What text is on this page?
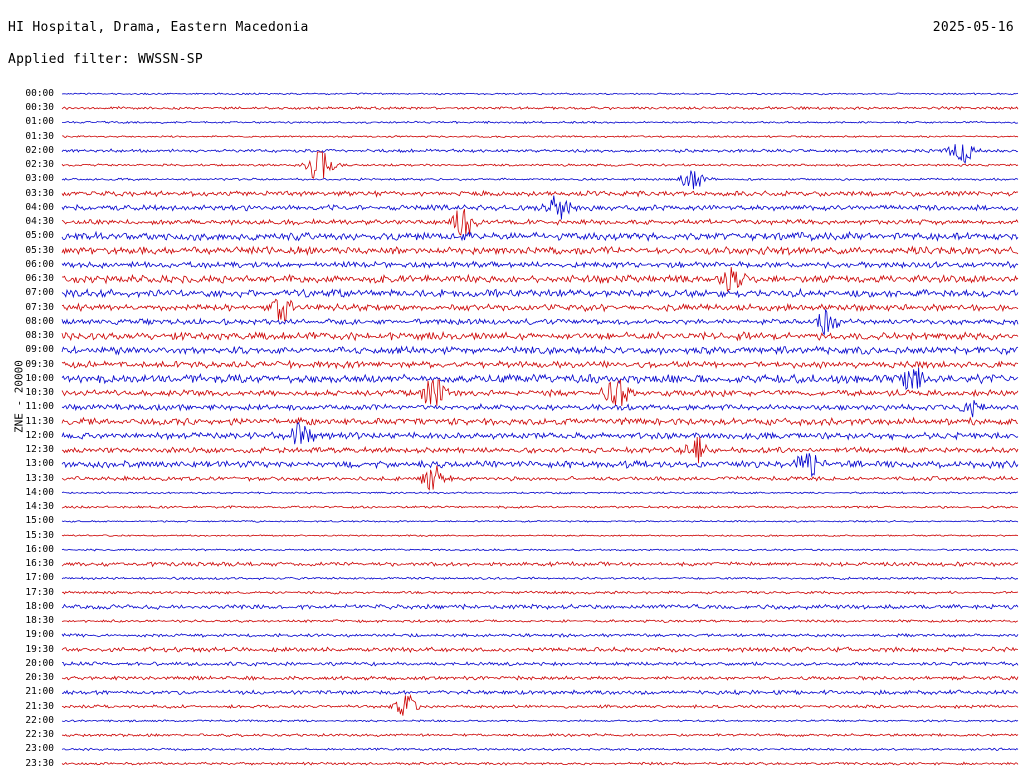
HI Hospital, Drama, Eastern Macedonia	2025-05-16
Applied filter: WWSSN-SP
ZNE - 20000
00:00
00:30
01:00
01:30
02:00
02:30
03:00
03:30
04:00
04:30
05:00
05:30
06:00
06:30
07:00
07:30
08:00
08:30
09:00
09:30
10:00
10:30
11:00
11:30
12:00
12:30
13:00
13:30
14:00
14:30
15:00
15:30
16:00
16:30
17:00
17:30
18:00
18:30
19:00
19:30
20:00
20:30
21:00
21:30
22:00
22:30
23:00
23:30
